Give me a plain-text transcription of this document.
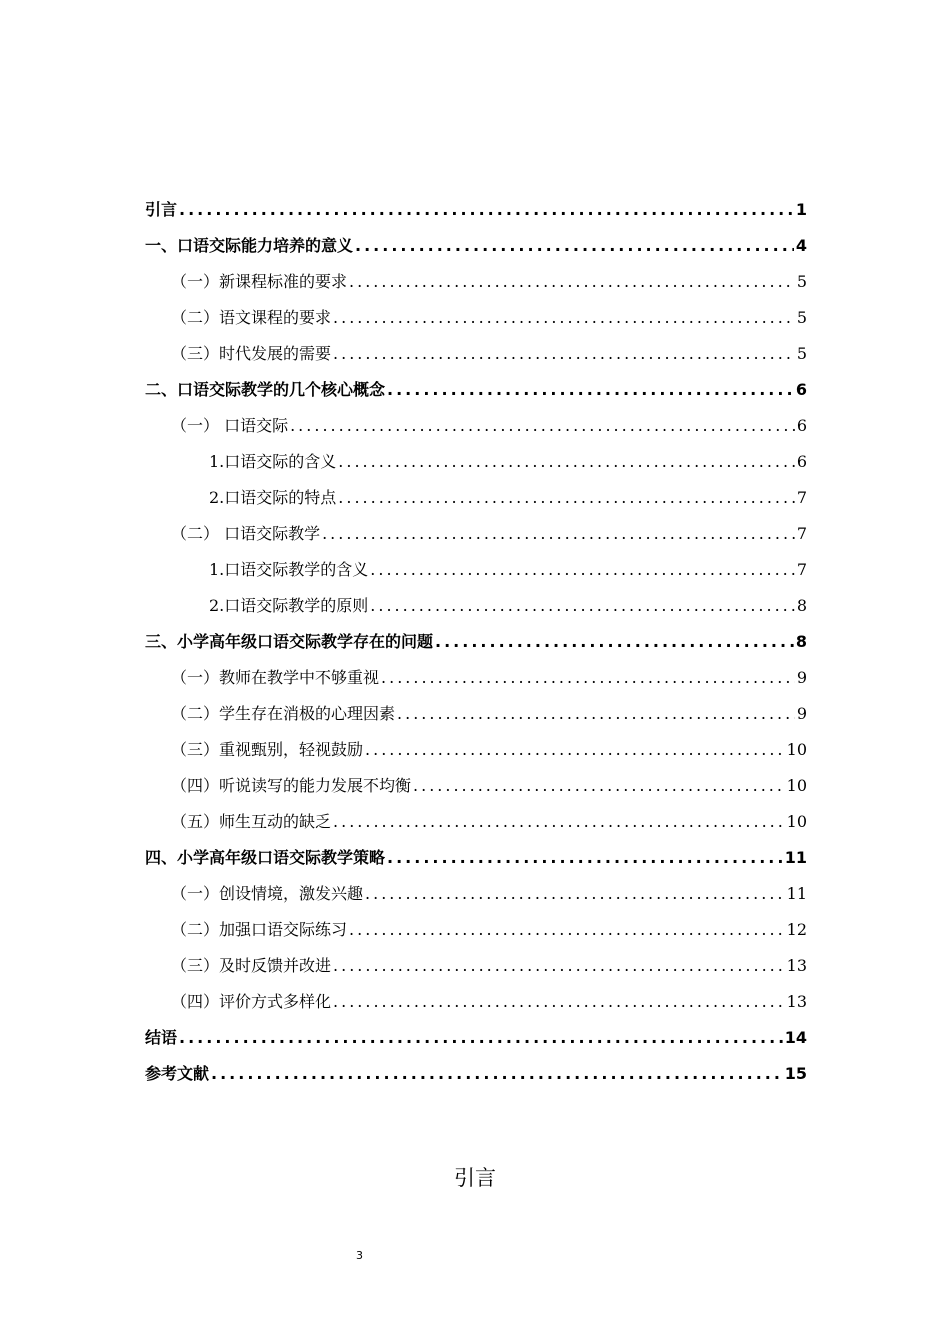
引言 .....	1
一、口语交际能力培养的意义 .....	4
（一）新课程标准的要求 .....	5
（二）语文课程的要求 .....	5
（三）时代发展的需要 .....	5
二、口语交际教学的几个核心概念 .....	6
（一） 口语交际 .....	6
1.口语交际的含义 .....	6
2.口语交际的特点 .....	7
（二） 口语交际教学 .....	7
1.口语交际教学的含义 .....	7
2.口语交际教学的原则 .....	8
三、小学高年级口语交际教学存在的问题 .....	8
（一）教师在教学中不够重视 .....	9
（二）学生存在消极的心理因素 .....	9
（三）重视甄别，轻视鼓励 .....	10
（四）听说读写的能力发展不均衡 .....	10
（五）师生互动的缺乏 .....	10
四、小学高年级口语交际教学策略 .....	11
（一）创设情境，激发兴趣 .....	11
（二）加强口语交际练习 .....	12
（三）及时反馈并改进 .....	13
（四）评价方式多样化 .....	13
结语 .....	14
参考文献 .....	15
引言
3
